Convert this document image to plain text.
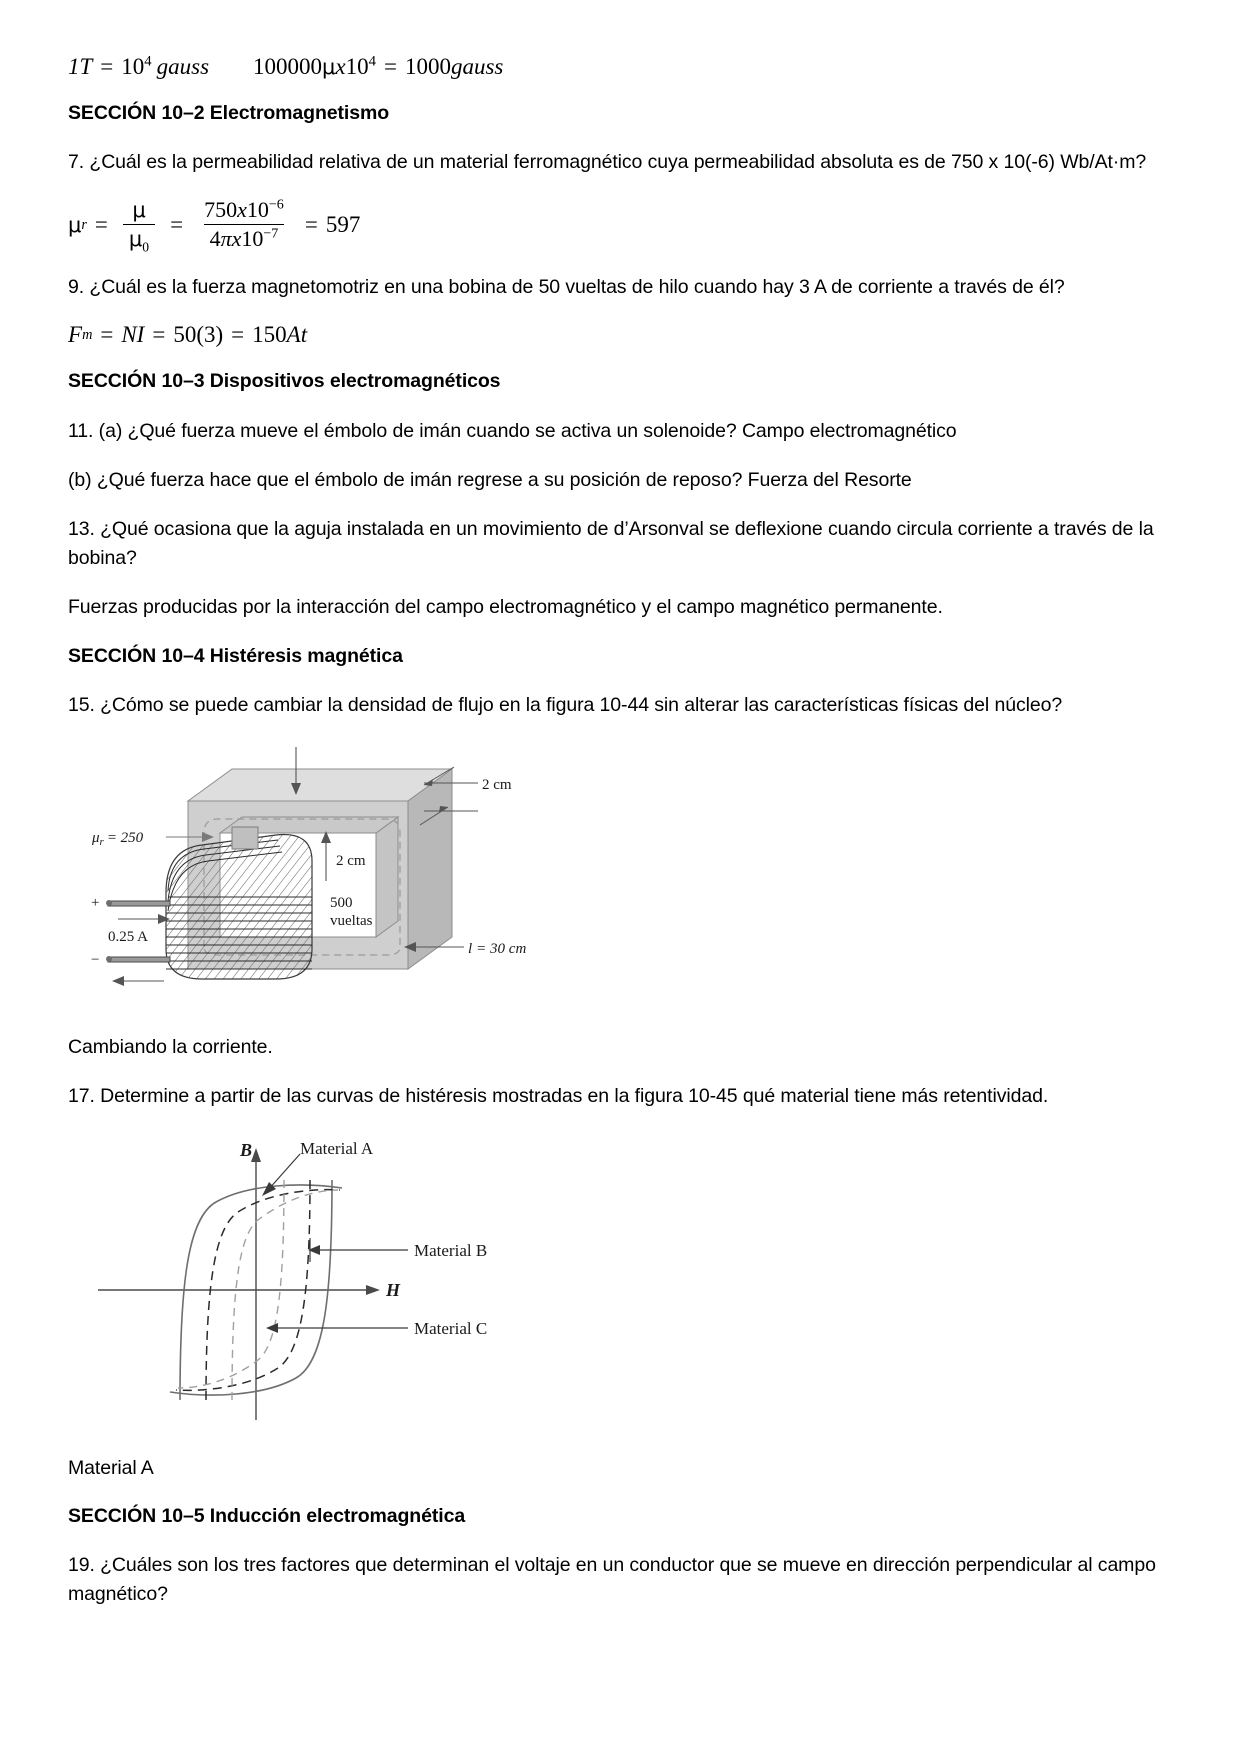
$1T = 10^4$ gauss $100000\mu x10^4$ = 1000gauss
SECCIÓN 10–2 Electromagnetismo
7. ¿Cuál es la permeabilidad relativa de un material ferromagnético cuya permeabilidad absoluta es de 750 x 10(-6) Wb/At·m?
μ $r = \frac{\mu}{\mu_0} = \frac{750x10^{-6}}{4\pi x10^{-7}} = 597$
9. ¿Cuál es la fuerza magnetomotriz en una bobina de 50 vueltas de hilo cuando hay 3 A de corriente a través de él?
F m = NI = 50(3) = 150 At
SECCIÓN 10–3 Dispositivos electromagnéticos
11. (a) ¿Qué fuerza mueve el émbolo de imán cuando se activa un solenoide? Campo electromagnético
(b) ¿Qué fuerza hace que el émbolo de imán regrese a su posición de reposo? Fuerza del Resorte
13. ¿Qué ocasiona que la aguja instalada en un movimiento de d’Arsonval se deflexione cuando circula corriente a través de la bobina?
Fuerzas producidas por la interacción del campo electromagnético y el campo magnético permanente.
SECCIÓN 10–4 Histéresis magnética
15. ¿Cómo se puede cambiar la densidad de flujo en la figura 10-44 sin alterar las características físicas del núcleo?
2 cm
+
−
0.25 A
$\mu_r = 250$
2 cm
500
vueltas
l = 30 cm
Cambiando la corriente.
17. Determine a partir de las curvas de histéresis mostradas en la figura 10-45 qué material tiene más retentividad.
B
H
Material A
Material B
Material C
Material A
SECCIÓN 10–5 Inducción electromagnética
19. ¿Cuáles son los tres factores que determinan el voltaje en un conductor que se mueve en dirección perpendicular al campo magnético?
